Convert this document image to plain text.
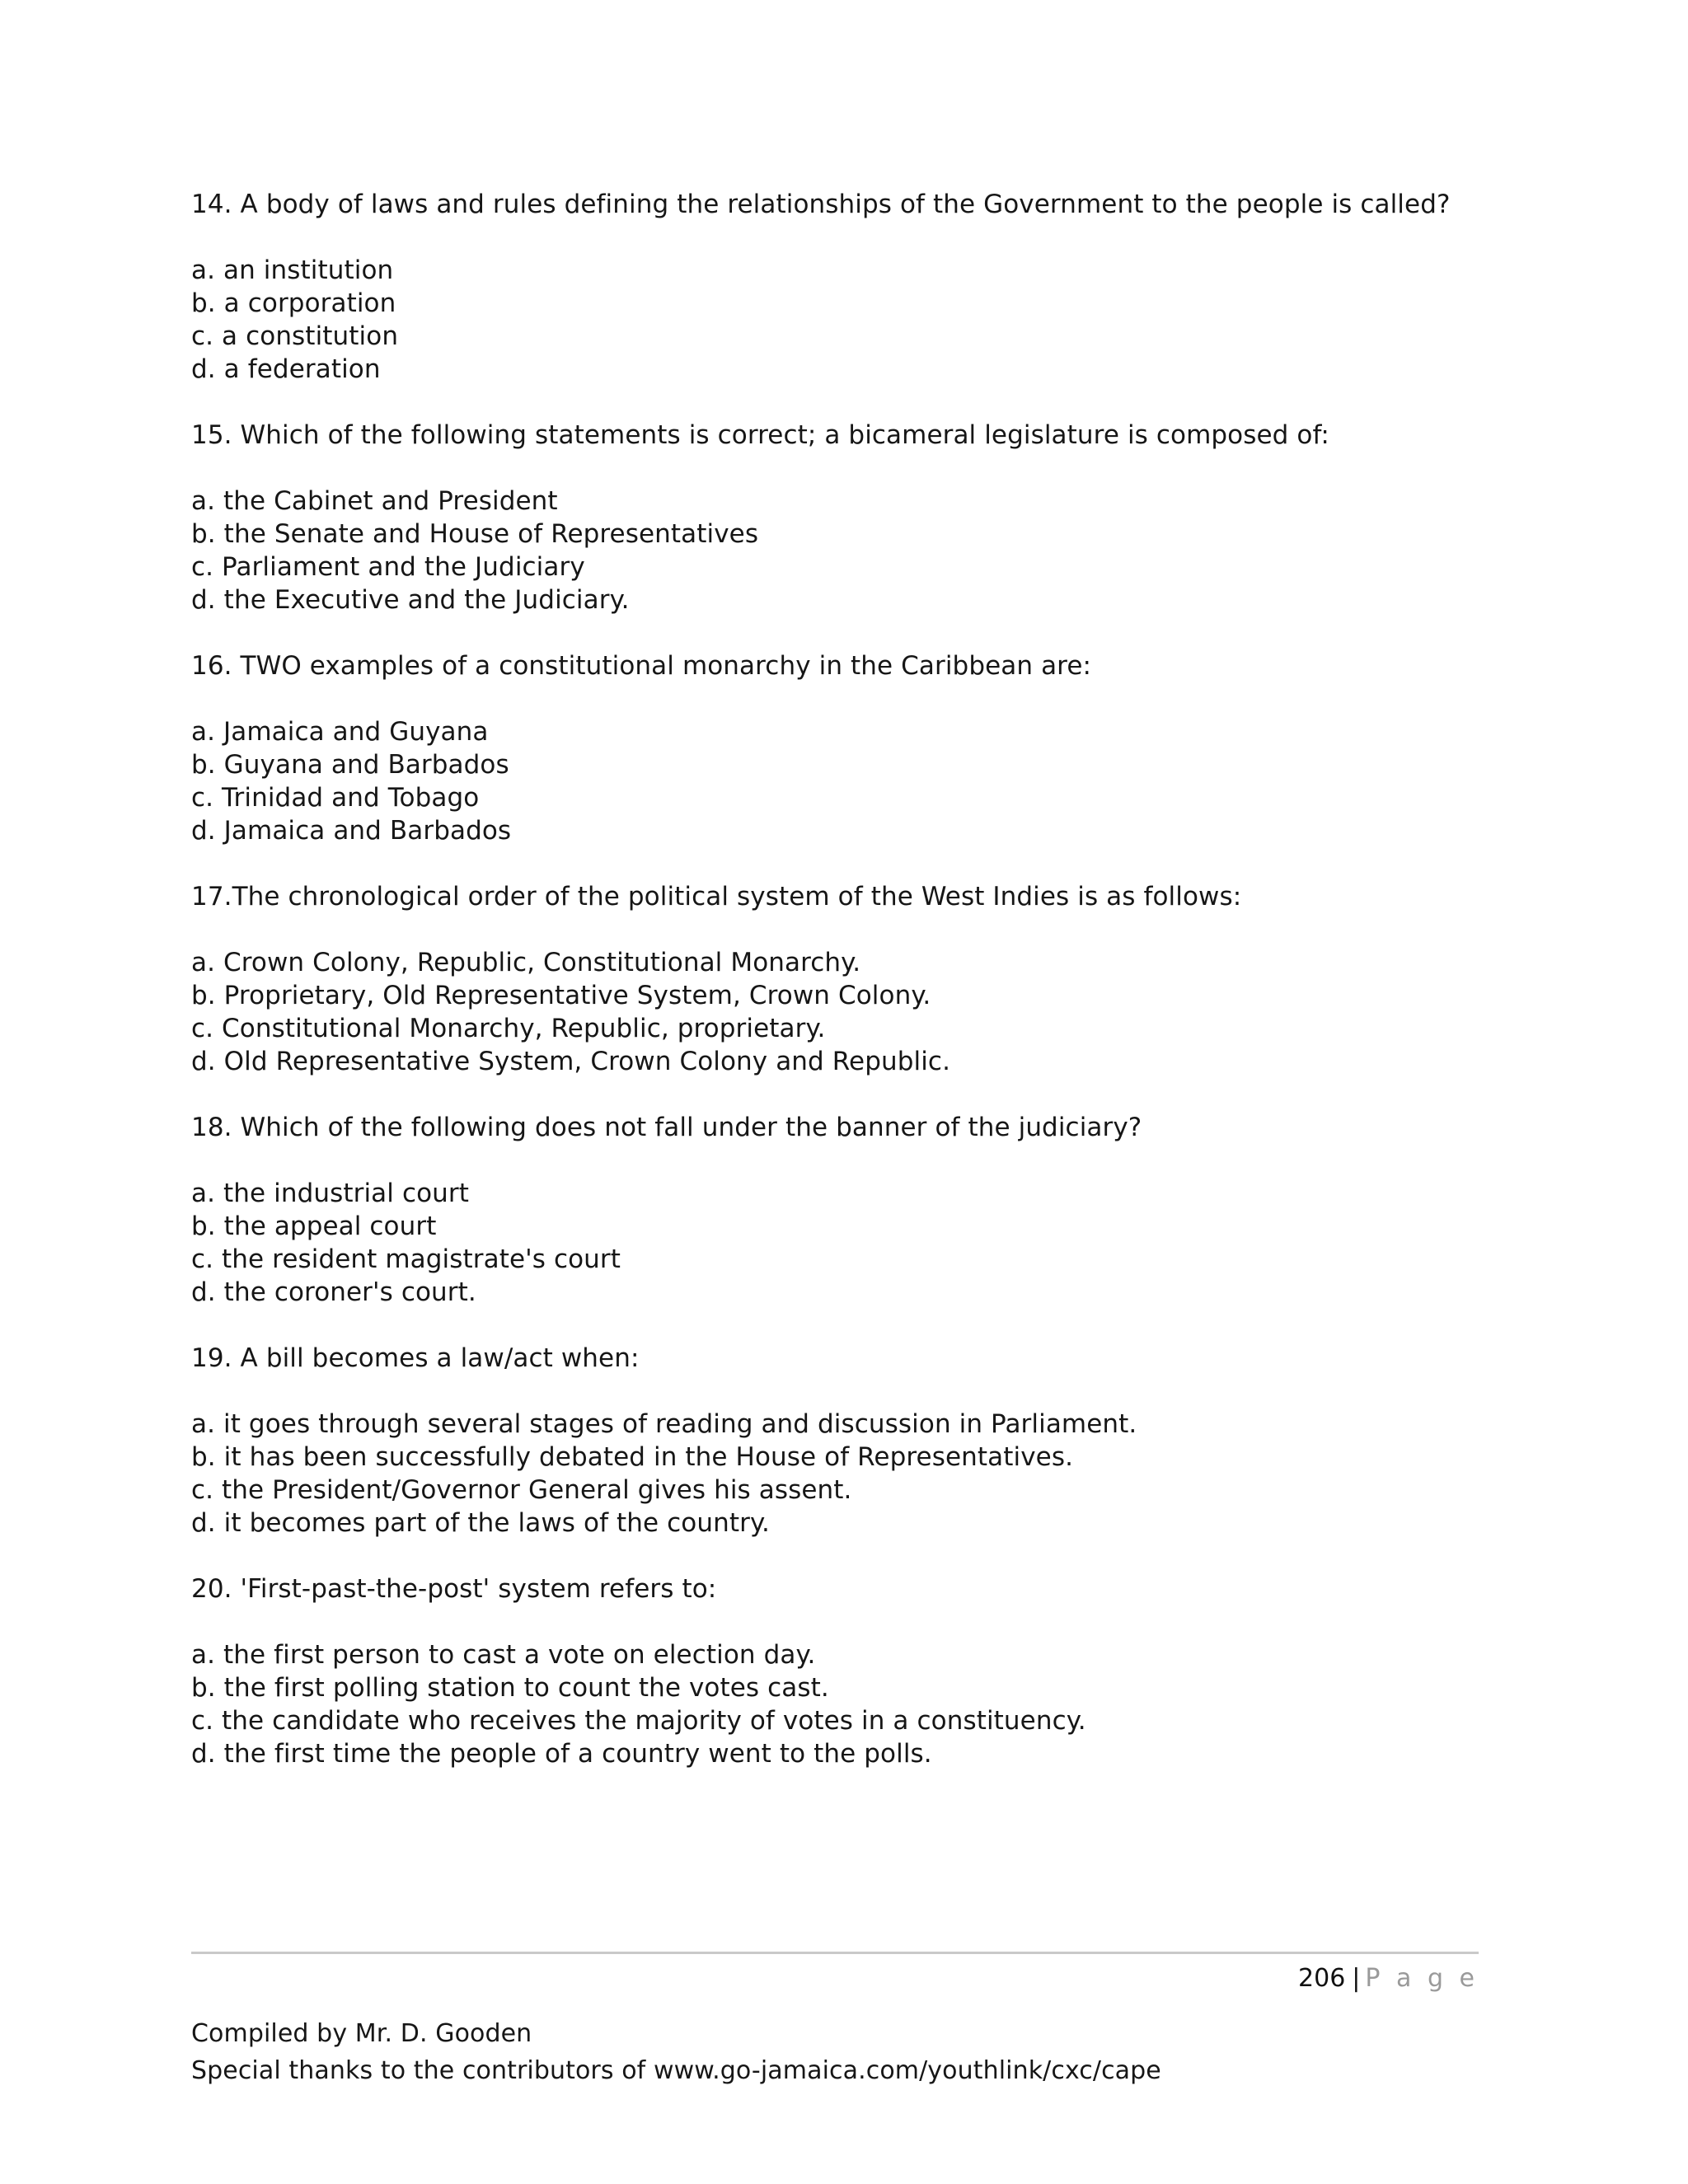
14. A body of laws and rules defining the relationships of the Government to the people is called?

a. an institution
b. a corporation
c. a constitution
d. a federation

15. Which of the following statements is correct; a bicameral legislature is composed of:

a. the Cabinet and President
b. the Senate and House of Representatives
c. Parliament and the Judiciary
d. the Executive and the Judiciary.

16. TWO examples of a constitutional monarchy in the Caribbean are:

a. Jamaica and Guyana
b. Guyana and Barbados
c. Trinidad and Tobago
d. Jamaica and Barbados

17.The chronological order of the political system of the West Indies is as follows:

a. Crown Colony, Republic, Constitutional Monarchy.
b. Proprietary, Old Representative System, Crown Colony.
c. Constitutional Monarchy, Republic, proprietary.
d. Old Representative System, Crown Colony and Republic.

18. Which of the following does not fall under the banner of the judiciary?

a. the industrial court
b. the appeal court
c. the resident magistrate's court
d. the coroner's court.

19. A bill becomes a law/act when:

a. it goes through several stages of reading and discussion in Parliament.
b. it has been successfully debated in the House of Representatives.
c. the President/Governor General gives his assent.
d. it becomes part of the laws of the country.

20. 'First-past-the-post' system refers to:

a. the first person to cast a vote on election day.
b. the first polling station to count the votes cast.
c. the candidate who receives the majority of votes in a constituency.
d. the first time the people of a country went to the polls.
206 | P a g e
Compiled by Mr. D. Gooden
Special thanks to the contributors of www.go-jamaica.com/youthlink/cxc/cape
